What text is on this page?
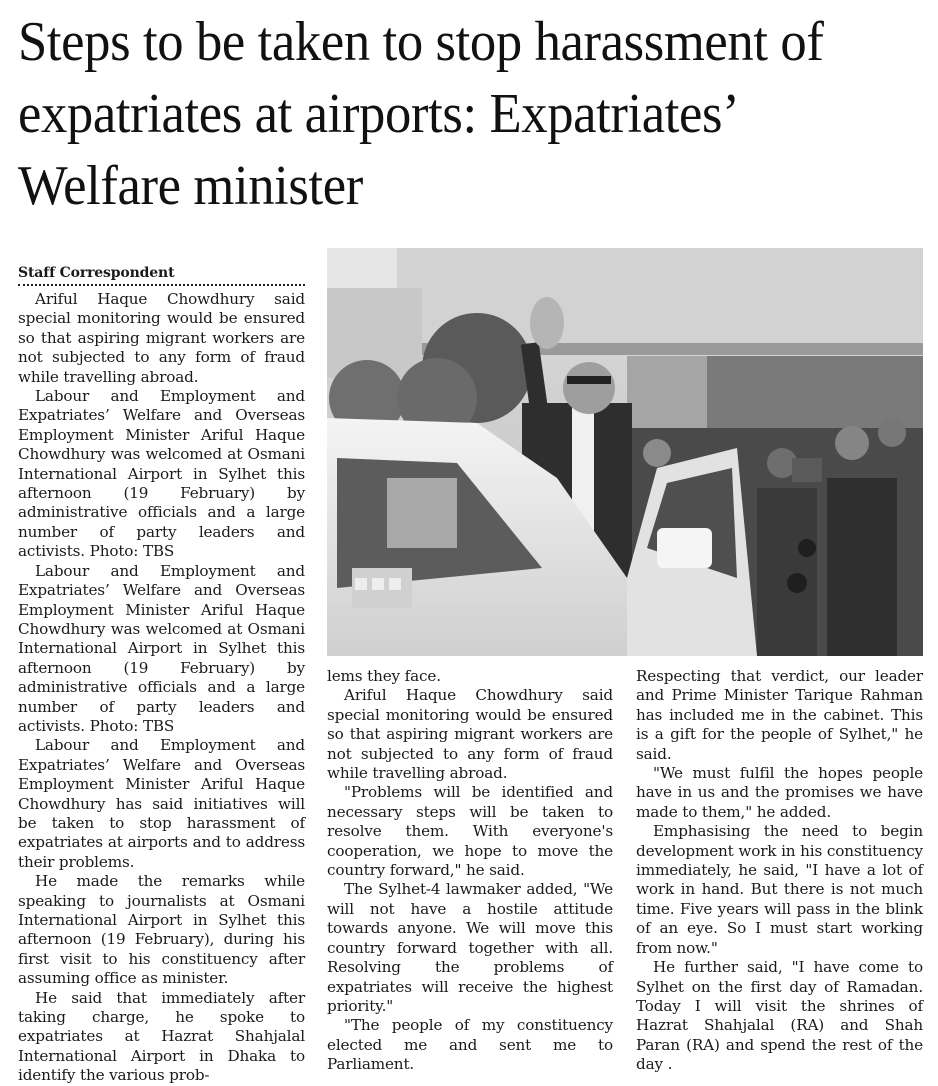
Steps to be taken to stop harassment of expatriates at airports: Expatriates’ Welfare minister
Staff Correspondent

Ariful Haque Chowdhury said special monitoring would be ensured so that aspiring migrant workers are not subjected to any form of fraud while travelling abroad.

Labour and Employment and Expatriates’ Welfare and Overseas Employment Minister Ariful Haque Chowdhury was welcomed at Osmani International Airport in Sylhet this afternoon (19 February) by administrative officials and a large number of party leaders and activists. Photo: TBS

Labour and Employment and Expatriates’ Welfare and Overseas Employment Minister Ariful Haque Chowdhury was welcomed at Osmani International Airport in Sylhet this afternoon (19 February) by administrative officials and a large number of party leaders and activists. Photo: TBS

Labour and Employment and Expatriates’ Welfare and Overseas Employment Minister Ariful Haque Chowdhury has said initiatives will be taken to stop harassment of expatriates at airports and to address their problems.

He made the remarks while speaking to journalists at Osmani International Airport in Sylhet this afternoon (19 February), during his first visit to his constituency after assuming office as minister.

He said that immediately after taking charge, he spoke to expatriates at Hazrat Shahjalal International Airport in Dhaka to identify the various prob-

lems they face.

Ariful Haque Chowdhury said special monitoring would be ensured so that aspiring migrant workers are not subjected to any form of fraud while travelling abroad.

"Problems will be identified and necessary steps will be taken to resolve them. With everyone's cooperation, we hope to move the country forward," he said.

The Sylhet-4 lawmaker added, "We will not have a hostile attitude towards anyone. We will move this country forward together with all. Resolving the problems of expatriates will receive the highest priority."

"The people of my constituency elected me and sent me to Parliament.

Respecting that verdict, our leader and Prime Minister Tarique Rahman has included me in the cabinet. This is a gift for the people of Sylhet," he said.

"We must fulfil the hopes people have in us and the promises we have made to them," he added.

Emphasising the need to begin development work in his constituency immediately, he said, "I have a lot of work in hand. But there is not much time. Five years will pass in the blink of an eye. So I must start working from now."

He further said, "I have come to Sylhet on the first day of Ramadan. Today I will visit the shrines of Hazrat Shahjalal (RA) and Shah Paran (RA) and spend the rest of the day .
